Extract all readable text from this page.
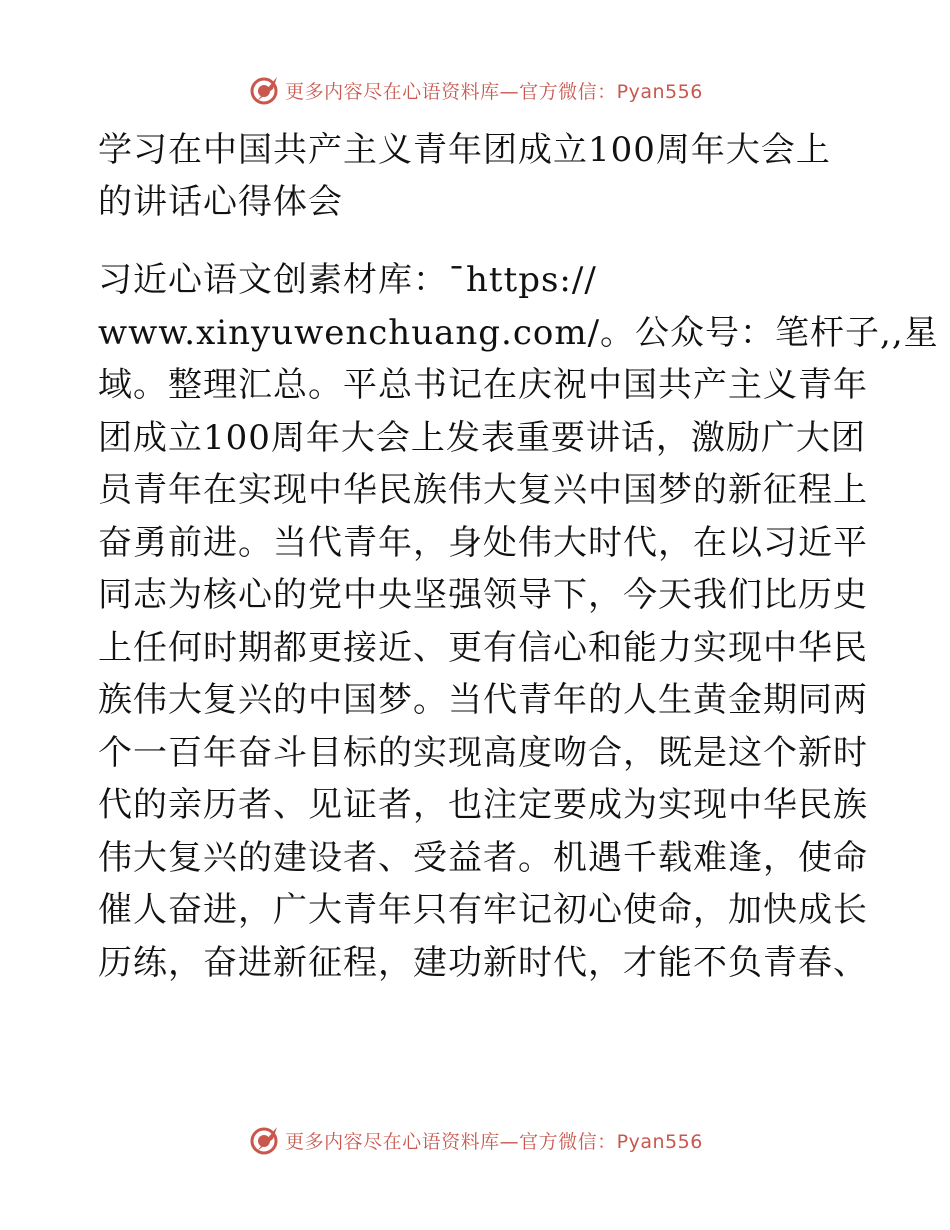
更多内容尽在心语资料库—官方微信：Pyan556
学习在中国共产主义青年团成立100周年大会上
的讲话心得体会
习近心语文创素材库：¯https://
www.xinyuwenchuang.com/。公众号：笔杆子,,星
域。整理汇总。平总书记在庆祝中国共产主义青年
团成立100周年大会上发表重要讲话，激励广大团
员青年在实现中华民族伟大复兴中国梦的新征程上
奋勇前进。当代青年，身处伟大时代，在以习近平
同志为核心的党中央坚强领导下，今天我们比历史
上任何时期都更接近、更有信心和能力实现中华民
族伟大复兴的中国梦。当代青年的人生黄金期同两
个一百年奋斗目标的实现高度吻合，既是这个新时
代的亲历者、见证者，也注定要成为实现中华民族
伟大复兴的建设者、受益者。机遇千载难逢，使命
催人奋进，广大青年只有牢记初心使命，加快成长
历练，奋进新征程，建功新时代，才能不负青春、
更多内容尽在心语资料库—官方微信：Pyan556
